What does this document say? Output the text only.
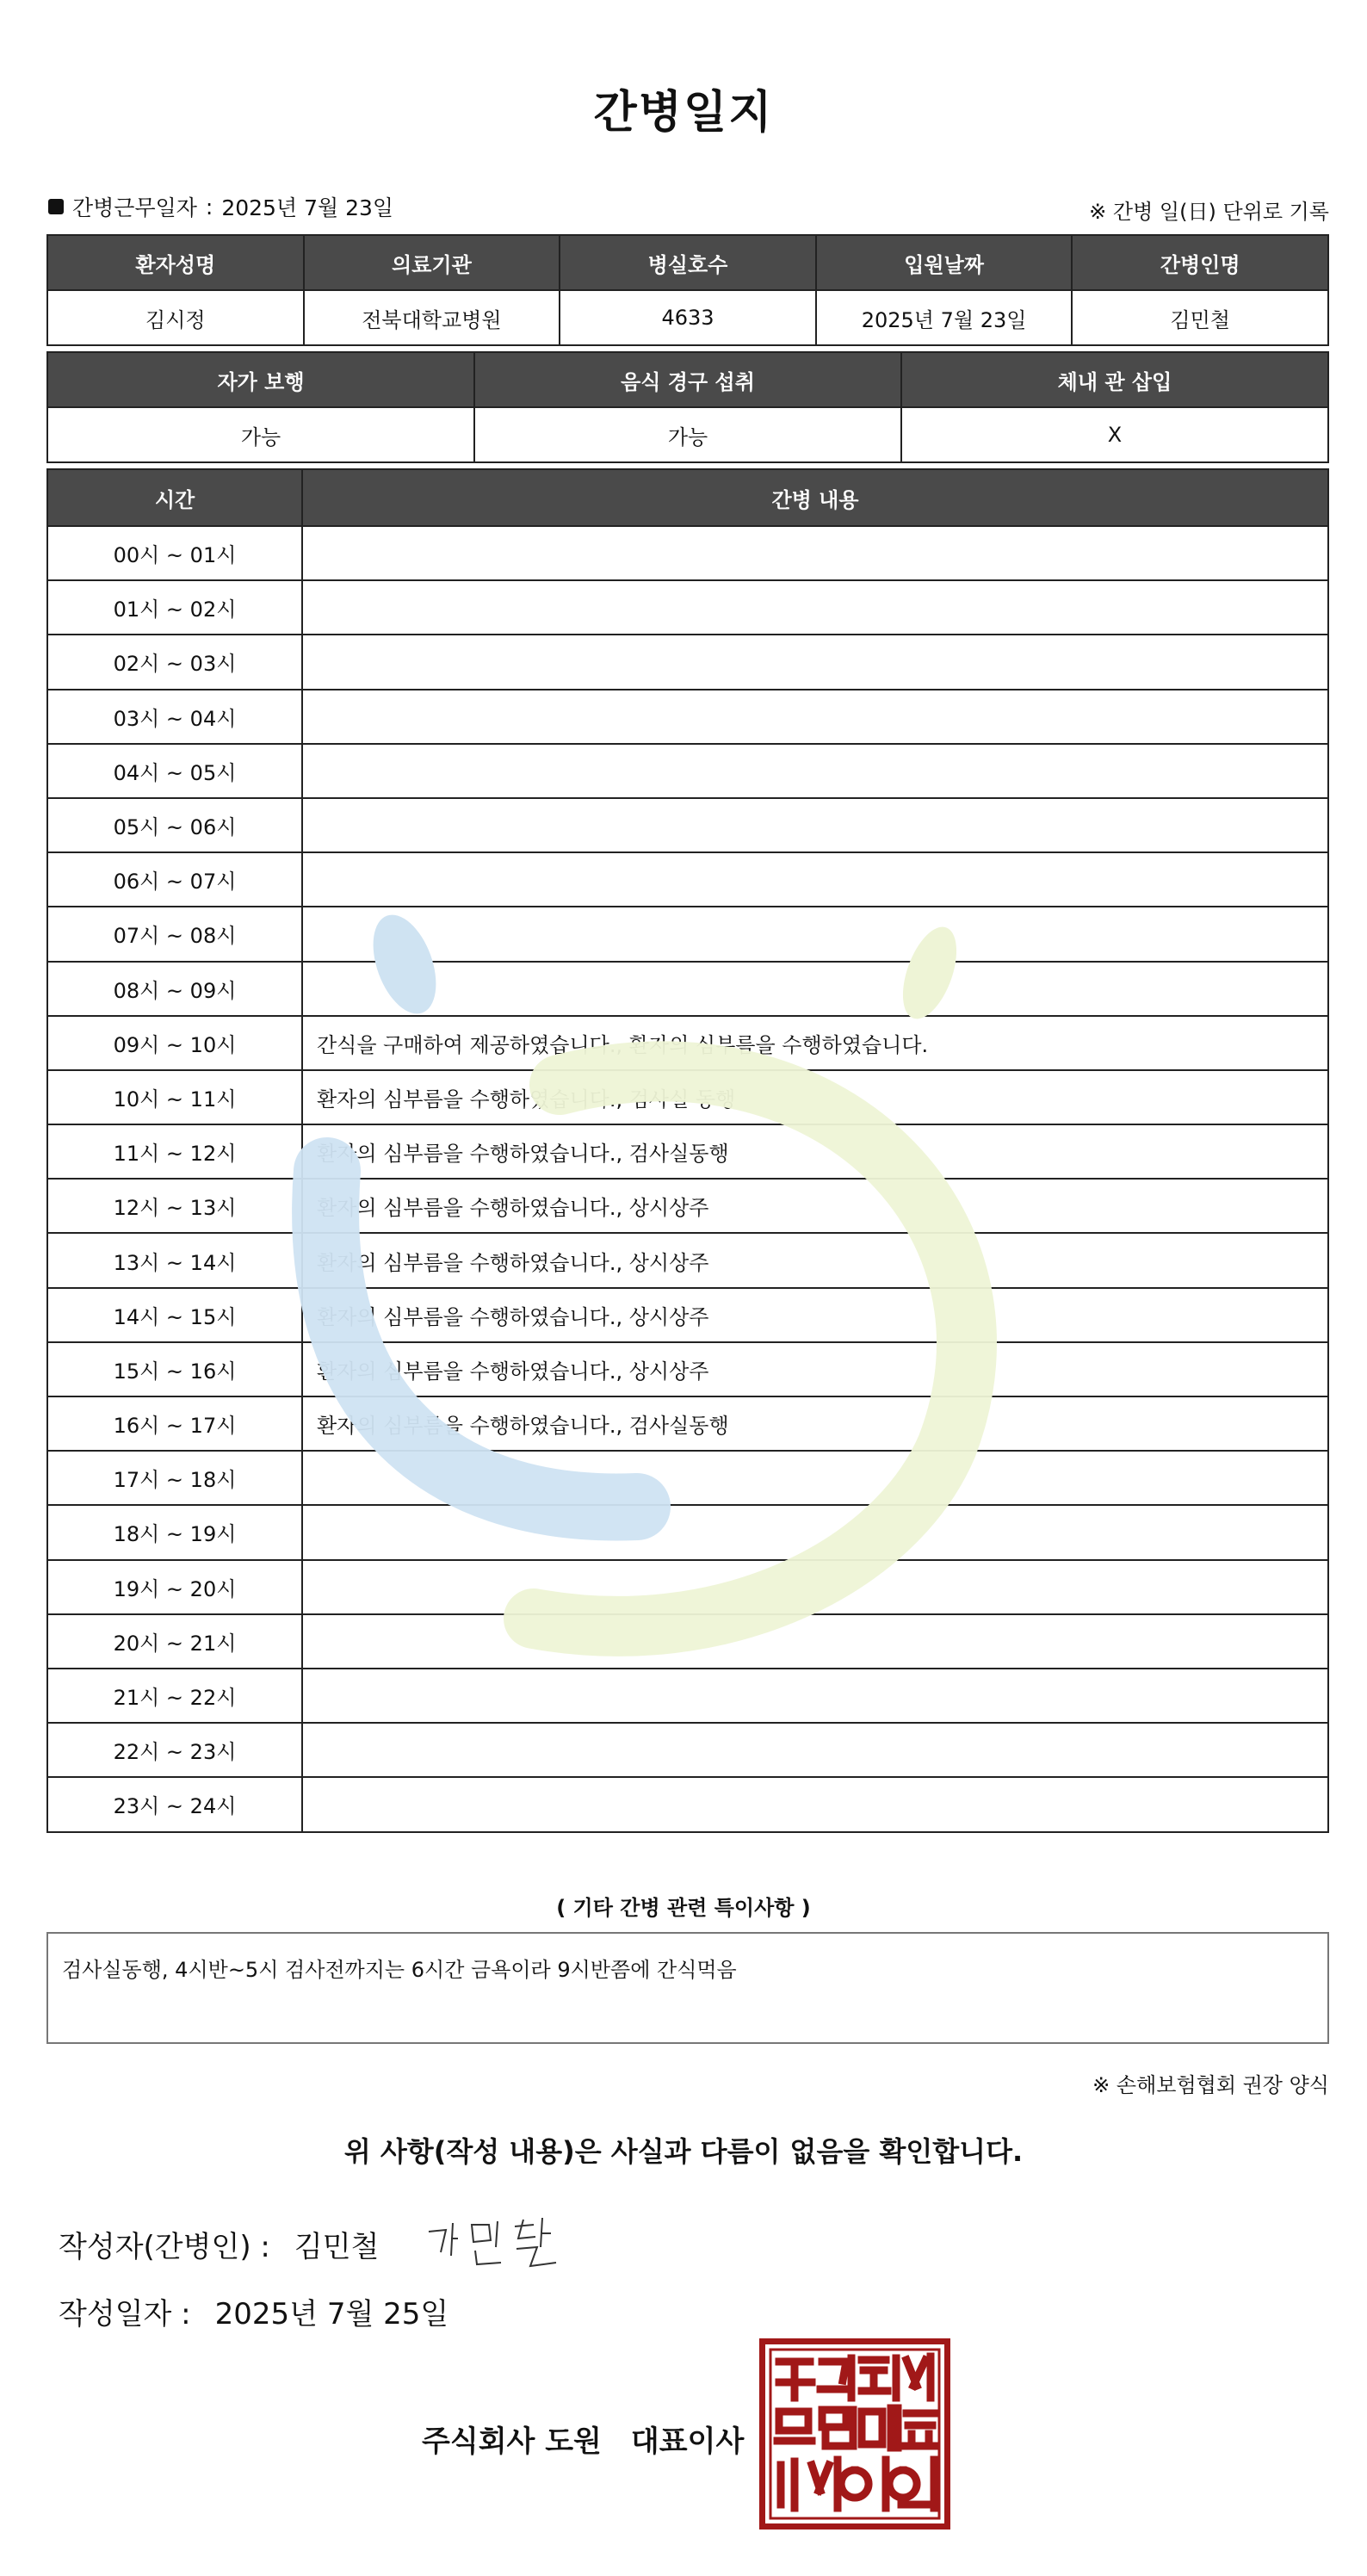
간병일지
간병근무일자 : 2025년 7월 23일	※ 간병 일(日) 단위로 기록
환자성명	의료기관	병실호수	입원날짜	간병인명
김시정	전북대학교병원	4633	2025년 7월 23일	김민철
자가 보행	음식 경구 섭취	체내 관 삽입
가능	가능	X
시간	간병 내용
00시 ~ 01시	
01시 ~ 02시	
02시 ~ 03시	
03시 ~ 04시	
04시 ~ 05시	
05시 ~ 06시	
06시 ~ 07시	
07시 ~ 08시	
08시 ~ 09시	
09시 ~ 10시	간식을 구매하여 제공하였습니다., 환자의 심부름을 수행하였습니다.
10시 ~ 11시	환자의 심부름을 수행하였습니다., 검사실 동행
11시 ~ 12시	환자의 심부름을 수행하였습니다., 검사실동행
12시 ~ 13시	환자의 심부름을 수행하였습니다., 상시상주
13시 ~ 14시	환자의 심부름을 수행하였습니다., 상시상주
14시 ~ 15시	환자의 심부름을 수행하였습니다., 상시상주
15시 ~ 16시	환자의 심부름을 수행하였습니다., 상시상주
16시 ~ 17시	환자의 심부름을 수행하였습니다., 검사실동행
17시 ~ 18시	
18시 ~ 19시	
19시 ~ 20시	
20시 ~ 21시	
21시 ~ 22시	
22시 ~ 23시	
23시 ~ 24시	
( 기타 간병 관련 특이사항 )
검사실동행, 4시반~5시 검사전까지는 6시간 금욕이라 9시반쯤에 간식먹음
※ 손해보험협회 권장 양식
위 사항(작성 내용)은 사실과 다름이 없음을 확인합니다.
작성자(간병인) : 김민철
작성일자 : 2025년 7월 25일
주식회사 도원 대표이사
